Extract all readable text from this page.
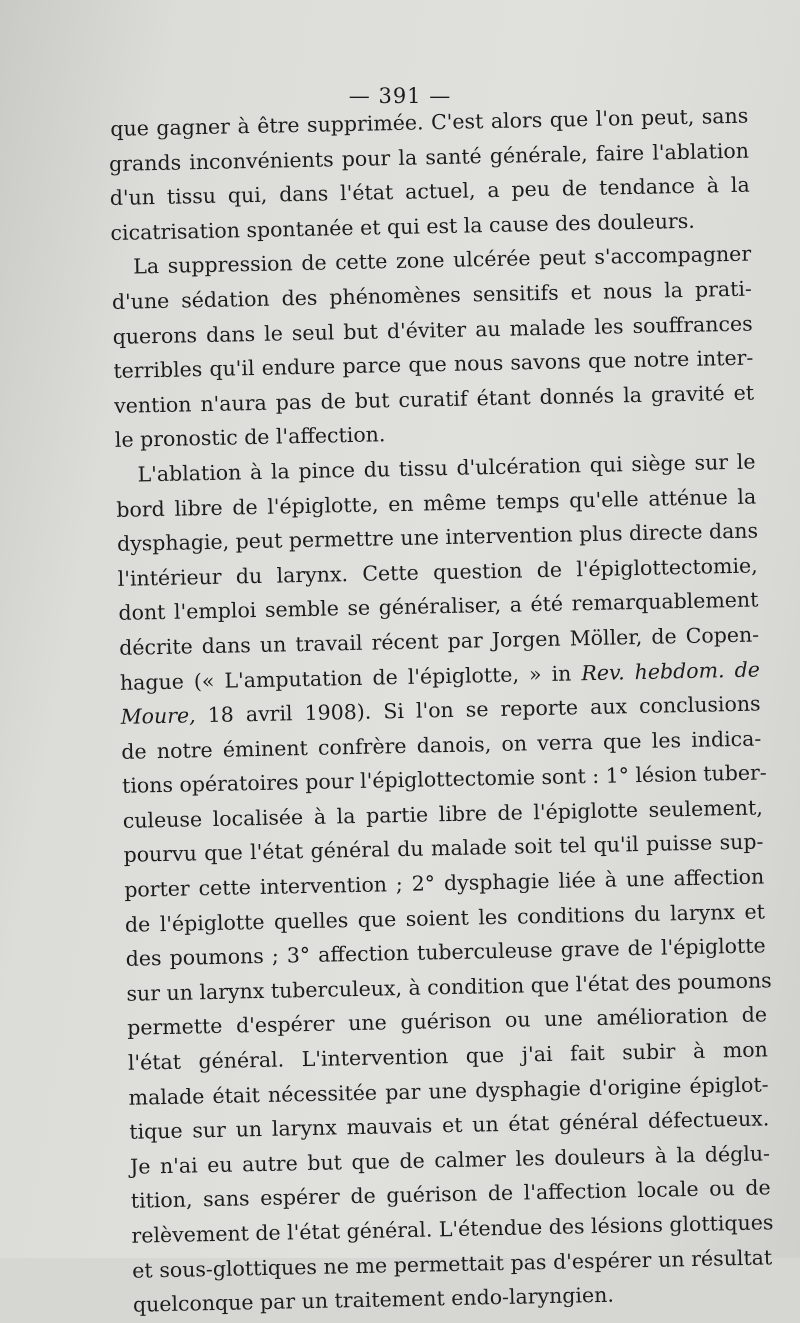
— 391 —
que gagner à être supprimée. C'est alors que l'on peut, sans
grands inconvénients pour la santé générale, faire l'ablation
d'un tissu qui, dans l'état actuel, a peu de tendance à la
cicatrisation spontanée et qui est la cause des douleurs.
La suppression de cette zone ulcérée peut s'accompagner
d'une sédation des phénomènes sensitifs et nous la prati-
querons dans le seul but d'éviter au malade les souffrances
terribles qu'il endure parce que nous savons que notre inter-
vention n'aura pas de but curatif étant donnés la gravité et
le pronostic de l'affection.
L'ablation à la pince du tissu d'ulcération qui siège sur le
bord libre de l'épiglotte, en même temps qu'elle atténue la
dysphagie, peut permettre une intervention plus directe dans
l'intérieur du larynx. Cette question de l'épiglottectomie,
dont l'emploi semble se généraliser, a été remarquablement
décrite dans un travail récent par Jorgen Möller, de Copen-
hague (« L'amputation de l'épiglotte, » in Rev. hebdom. de
Moure, 18 avril 1908). Si l'on se reporte aux conclusions
de notre éminent confrère danois, on verra que les indica-
tions opératoires pour l'épiglottectomie sont : 1° lésion tuber-
culeuse localisée à la partie libre de l'épiglotte seulement,
pourvu que l'état général du malade soit tel qu'il puisse sup-
porter cette intervention ; 2° dysphagie liée à une affection
de l'épiglotte quelles que soient les conditions du larynx et
des poumons ; 3° affection tuberculeuse grave de l'épiglotte
sur un larynx tuberculeux, à condition que l'état des poumons
permette d'espérer une guérison ou une amélioration de
l'état général. L'intervention que j'ai fait subir à mon
malade était nécessitée par une dysphagie d'origine épiglot-
tique sur un larynx mauvais et un état général défectueux.
Je n'ai eu autre but que de calmer les douleurs à la déglu-
tition, sans espérer de guérison de l'affection locale ou de
relèvement de l'état général. L'étendue des lésions glottiques
et sous-glottiques ne me permettait pas d'espérer un résultat
quelconque par un traitement endo-laryngien.
